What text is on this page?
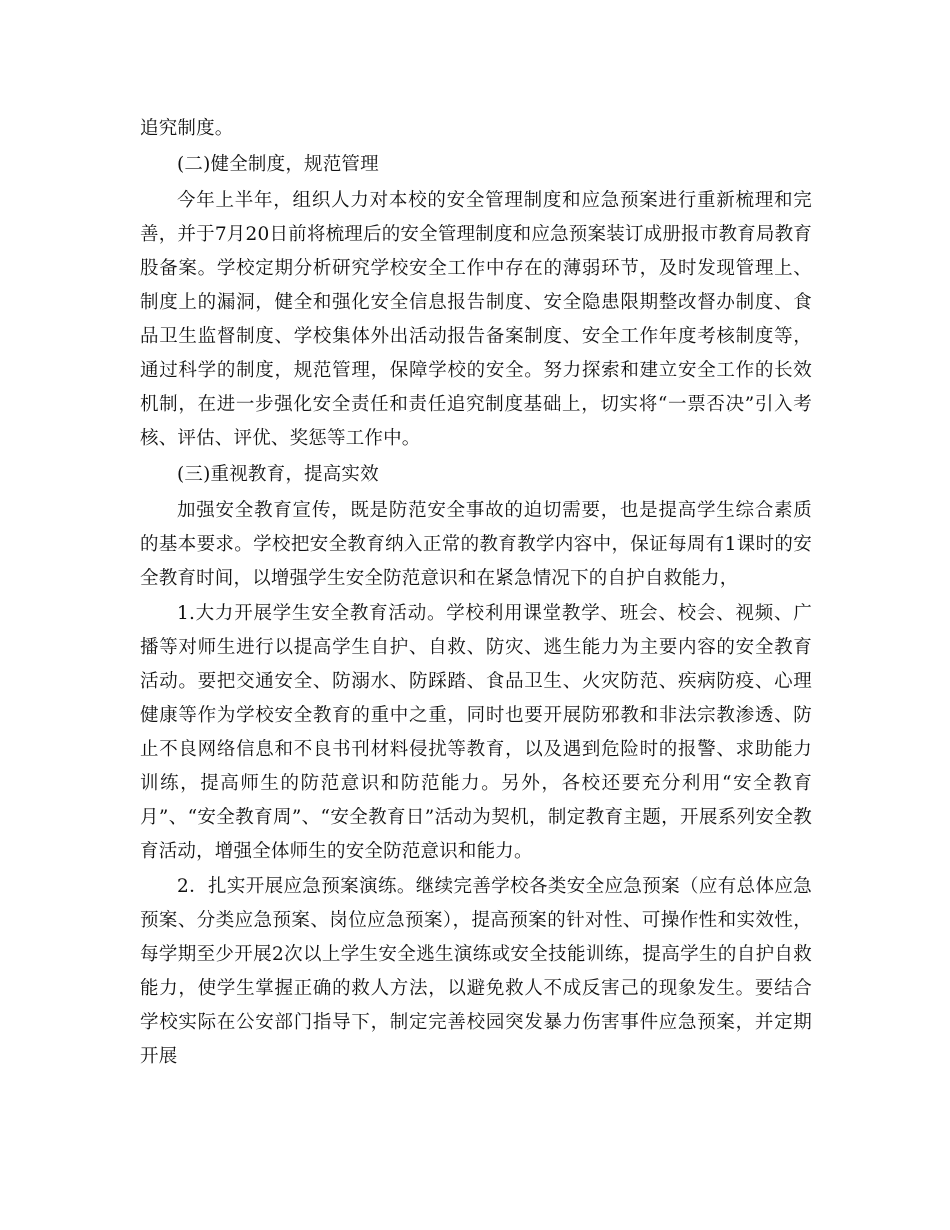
追究制度。

(二)健全制度，规范管理

今年上半年，组织人力对本校的安全管理制度和应急预案进行重新梳理和完善，并于7月20日前将梳理后的安全管理制度和应急预案装订成册报市教育局教育股备案。学校定期分析研究学校安全工作中存在的薄弱环节，及时发现管理上、制度上的漏洞，健全和强化安全信息报告制度、安全隐患限期整改督办制度、食品卫生监督制度、学校集体外出活动报告备案制度、安全工作年度考核制度等，通过科学的制度，规范管理，保障学校的安全。努力探索和建立安全工作的长效机制，在进一步强化安全责任和责任追究制度基础上，切实将“一票否决”引入考核、评估、评优、奖惩等工作中。

(三)重视教育，提高实效

加强安全教育宣传，既是防范安全事故的迫切需要，也是提高学生综合素质的基本要求。学校把安全教育纳入正常的教育教学内容中，保证每周有1课时的安全教育时间，以增强学生安全防范意识和在紧急情况下的自护自救能力，

1.大力开展学生安全教育活动。学校利用课堂教学、班会、校会、视频、广播等对师生进行以提高学生自护、自救、防灾、逃生能力为主要内容的安全教育活动。要把交通安全、防溺水、防踩踏、食品卫生、火灾防范、疾病防疫、心理健康等作为学校安全教育的重中之重，同时也要开展防邪教和非法宗教渗透、防止不良网络信息和不良书刊材料侵扰等教育，以及遇到危险时的报警、求助能力训练，提高师生的防范意识和防范能力。另外，各校还要充分利用“安全教育月”、“安全教育周”、“安全教育日”活动为契机，制定教育主题，开展系列安全教育活动，增强全体师生的安全防范意识和能力。

2．扎实开展应急预案演练。继续完善学校各类安全应急预案（应有总体应急预案、分类应急预案、岗位应急预案），提高预案的针对性、可操作性和实效性，每学期至少开展2次以上学生安全逃生演练或安全技能训练，提高学生的自护自救能力，使学生掌握正确的救人方法，以避免救人不成反害己的现象发生。要结合学校实际在公安部门指导下，制定完善校园突发暴力伤害事件应急预案，并定期开展
